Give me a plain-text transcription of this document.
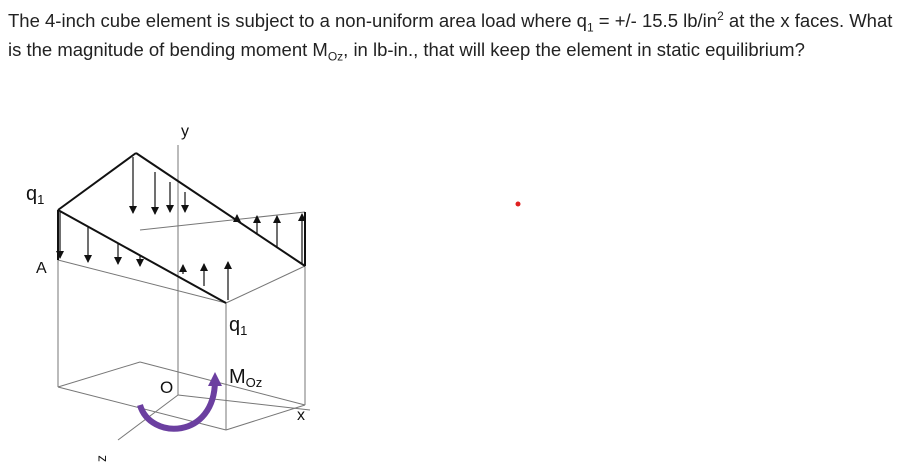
The 4-inch cube element is subject to a non-uniform area load where $q_1$ = +/- 15.5 $lb/in^2$ at the x faces. What is the magnitude of bending moment $M_{Oz}$, in lb-in., that will keep the element in static equilibrium?

y
x
z
O
A
$q_1$
$q_1$
$M_{Oz}$
